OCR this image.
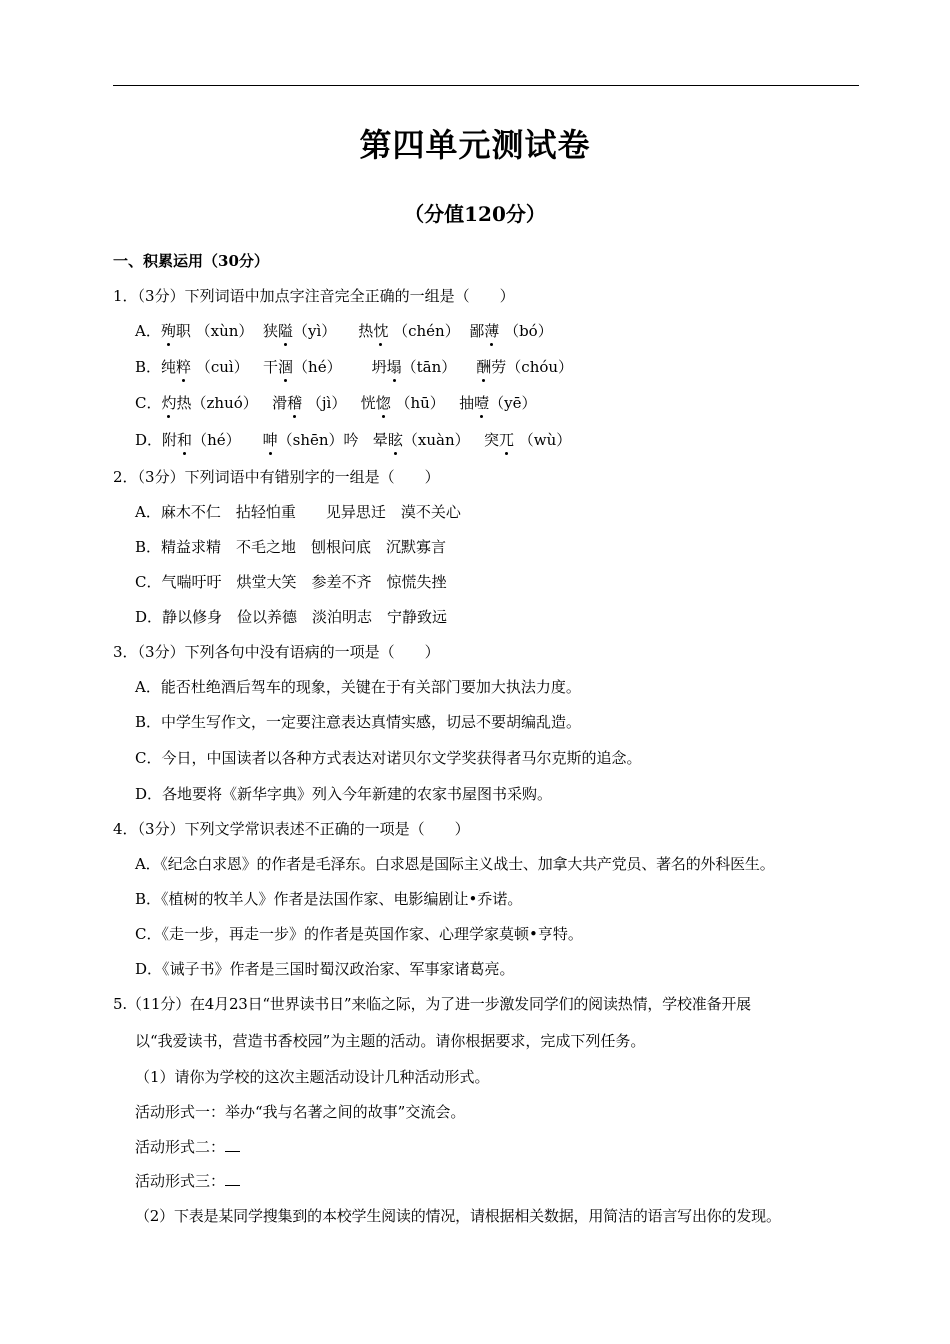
第四单元测试卷
（分值120分）
一、积累运用（30分）
1．（3分）下列词语中加点字注音完全正确的一组是（　　）
A．殉职 （xùn） 狭隘（yì） 热忱 （chén） 鄙薄 （bó）
B．纯粹 （cuì） 干涸（hé） 坍塌（tān） 酬劳（chóu）
C．灼热（zhuó） 滑稽 （jì） 恍惚 （hū） 抽噎（yē）
D．附和（hé） 呻（shēn）吟 晕眩（xuàn） 突兀 （wù）
2．（3分）下列词语中有错别字的一组是（　　）
A．麻木不仁　拈轻怕重　　见异思迁　漠不关心
B．精益求精　不毛之地　刨根问底　沉默寡言
C．气喘吁吁　烘堂大笑　参差不齐　惊慌失挫
D．静以修身　俭以养德　淡泊明志　宁静致远
3．（3分）下列各句中没有语病的一项是（　　）
A．能否杜绝酒后驾车的现象，关键在于有关部门要加大执法力度。
B．中学生写作文，一定要注意表达真情实感，切忌不要胡编乱造。
C．今日，中国读者以各种方式表达对诺贝尔文学奖获得者马尔克斯的追念。
D．各地要将《新华字典》列入今年新建的农家书屋图书采购。
4．（3分）下列文学常识表述不正确的一项是（　　）
A．《纪念白求恩》的作者是毛泽东。白求恩是国际主义战士、加拿大共产党员、著名的外科医生。
B．《植树的牧羊人》作者是法国作家、电影编剧让•乔诺。
C．《走一步，再走一步》的作者是英国作家、心理学家莫顿•亨特。
D．《诫子书》作者是三国时蜀汉政治家、军事家诸葛亮。
5.（11分）在4月23日“世界读书日”来临之际，为了进一步激发同学们的阅读热情，学校准备开展
以“我爱读书，营造书香校园”为主题的活动。请你根据要求，完成下列任务。
（1）请你为学校的这次主题活动设计几种活动形式。
活动形式一：举办“我与名著之间的故事”交流会。
活动形式二：
活动形式三：
（2）下表是某同学搜集到的本校学生阅读的情况，请根据相关数据，用简洁的语言写出你的发现。
